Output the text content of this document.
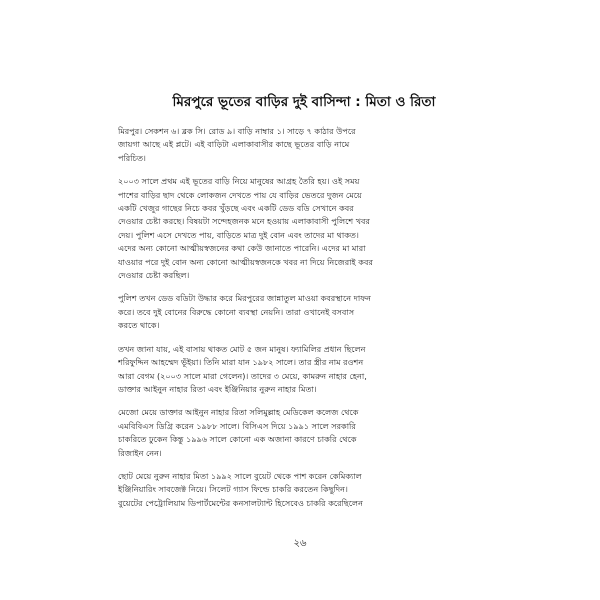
মিরপুরে ভূতের বাড়ির দুই বাসিন্দা : মিতা ও রিতা

মিরপুর। সেকশন ৬। ব্লক সি। রোড ৯। বাড়ি নাম্বার ১। সাড়ে ৭ কাঠার উপরে
জায়গা আছে এই প্লটে। এই বাড়িটা এলাকাবাসীর কাছে ভূতের বাড়ি নামে
পরিচিত।

২০০৩ সালে প্রথম এই ভূতের বাড়ি নিয়ে মানুষের আগ্রহ তৈরি হয়। ওই সময়
পাশের বাড়ির ছাদ থেকে লোকজন দেখতে পায় যে বাড়ির ভেতরে দুজন মেয়ে
একটি খেজুর গাছের নিচে কবর খুঁড়ছে এবং একটি ডেড বডি সেখানে কবর
দেওয়ার চেষ্টা করছে। বিষয়টা সন্দেহজনক মনে হওয়ায় এলাকাবাসী পুলিশে খবর
দেয়। পুলিশ এসে দেখতে পায়, বাড়িতে মাত্র দুই বোন এবং তাদের মা থাকত।
এদের অন্য কোনো আত্মীয়স্বজনের কথা কেউ জানাতে পারেনি। এদের মা মারা
যাওয়ার পরে দুই বোন অন্য কোনো আত্মীয়স্বজনকে খবর না দিয়ে নিজেরাই কবর
দেওয়ার চেষ্টা করছিল।

পুলিশ তখন ডেড বডিটা উদ্ধার করে মিরপুরের জান্নাতুল মাওয়া কবরস্থানে দাফন
করে। তবে দুই বোনের বিরুদ্ধে কোনো ব্যবস্থা নেয়নি। তারা ওখানেই বসবাস
করতে থাকে।

তখন জানা যায়, এই বাসায় থাকত মোট ৫ জন মানুষ। ফ্যামিলির প্রধান ছিলেন
শরিফুদ্দিন আহম্মেদ ভূঁইয়া। তিনি মারা যান ১৯৮২ সালে। তার স্ত্রীর নাম রওশন
আরা বেগম (২০০৩ সালে মারা গেলেন)। তাদের ৩ মেয়ে, কামরুন নাহার হেনা,
ডাক্তার আইনুন নাহার রিতা এবং ইঞ্জিনিয়ার নুরুন নাহার মিতা।

মেজো মেয়ে ডাক্তার আইনুন নাহার রিতা সলিমুল্লাহ মেডিকেল কলেজ থেকে
এমবিবিএস ডিগ্রি করেন ১৯৮৮ সালে। বিসিএস দিয়ে ১৯৯১ সালে সরকারি
চাকরিতে ঢুকেন কিন্তু ১৯৯৬ সালে কোনো এক অজানা কারণে চাকরি থেকে
রিজাইন নেন।

ছোট মেয়ে নুরুন নাহার মিতা ১৯৯২ সালে বুয়েট থেকে পাশ করেন কেমিক্যাল
ইঞ্জিনিয়ারিং সাবজেক্ট নিয়ে। সিলেট গ্যাস ফিল্ডে চাকরি করতেন কিছুদিন।
বুয়েটের পেট্রোলিয়াম ডিপার্টমেন্টের কনসালট্যান্ট হিসেবেও চাকরি করেছিলেন

২৬
